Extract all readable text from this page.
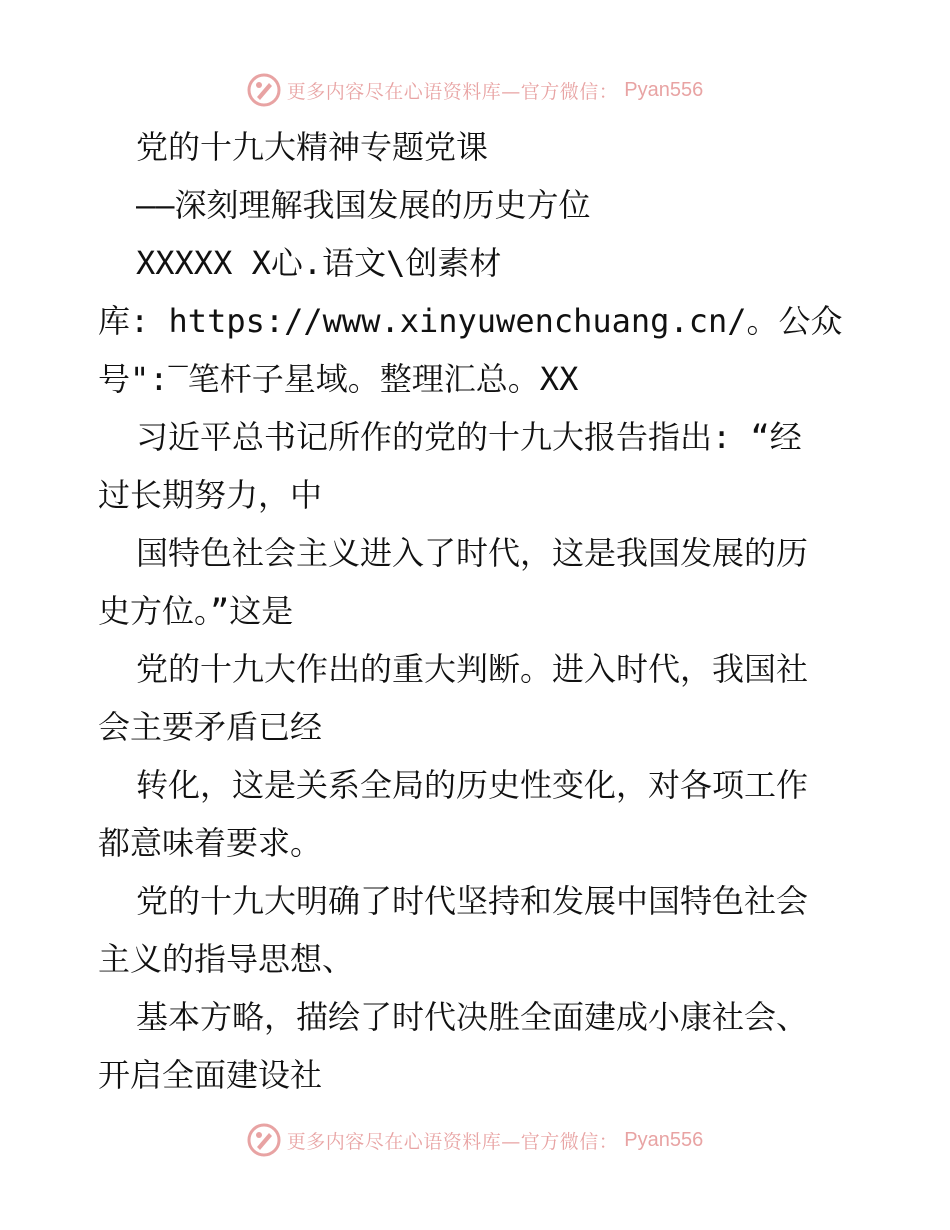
更多内容尽在心语资料库—官方微信： Pyan556
党的十九大精神专题党课
——深刻理解我国发展的历史方位
XXXXX X心.语文\创素材
库: https://www.xinyuwenchuang.cn/。公众
号":‾笔杆子星域。整理汇总。XX
习近平总书记所作的党的十九大报告指出: “经
过长期努力，中
国特色社会主义进入了时代，这是我国发展的历
史方位。”这是
党的十九大作出的重大判断。进入时代，我国社
会主要矛盾已经
转化，这是关系全局的历史性变化，对各项工作
都意味着要求。
党的十九大明确了时代坚持和发展中国特色社会
主义的指导思想、
基本方略，描绘了时代决胜全面建成小康社会、
开启全面建设社
更多内容尽在心语资料库—官方微信： Pyan556
